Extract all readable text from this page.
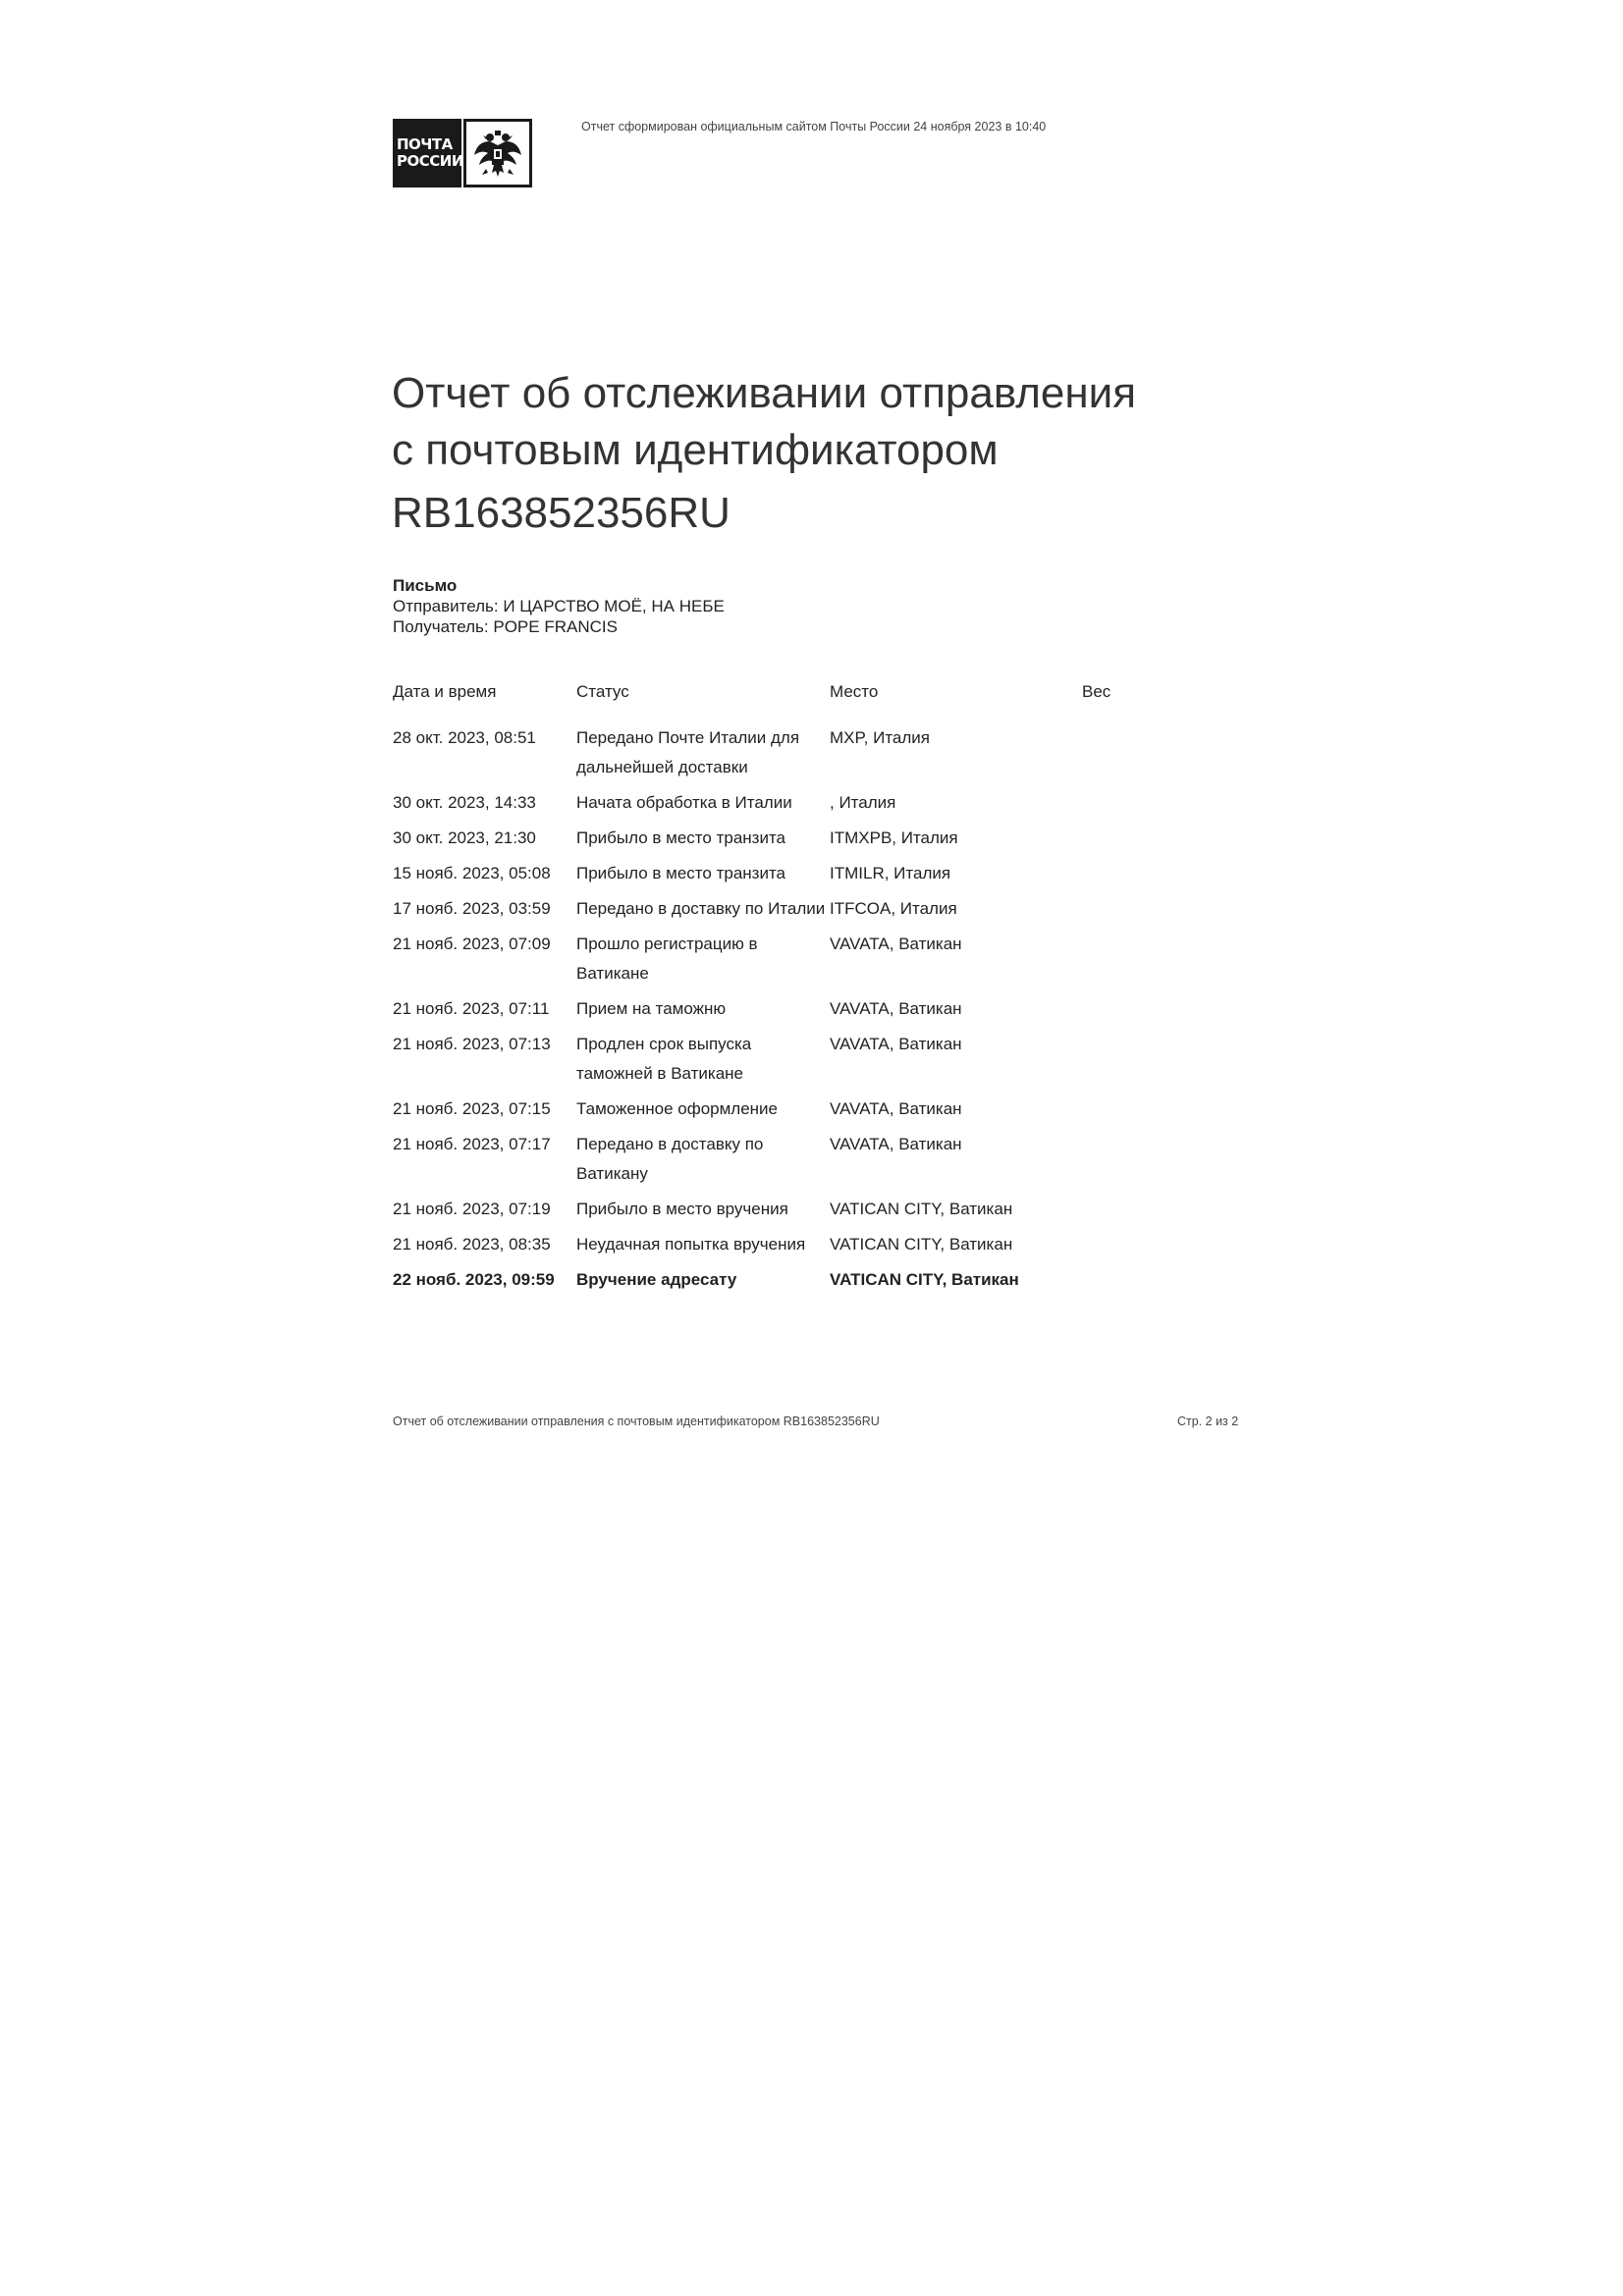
ПОЧТА
РОССИИ
Отчет сформирован официальным сайтом Почты России 24 ноября 2023 в 10:40
Отчет об отслеживании отправления
с почтовым идентификатором
RB163852356RU
Письмо
Отправитель: И ЦАРСТВО МОЁ, НА НЕБЕ
Получатель: POPE FRANCIS
Дата и время	Статус	Место	Вес
28 окт. 2023, 08:51	Передано Почте Италии для дальнейшей доставки	MXP, Италия	
30 окт. 2023, 14:33	Начата обработка в Италии	, Италия	
30 окт. 2023, 21:30	Прибыло в место транзита	ITMXPB, Италия	
15 нояб. 2023, 05:08	Прибыло в место транзита	ITMILR, Италия	
17 нояб. 2023, 03:59	Передано в доставку по Италии	ITFCOA, Италия	
21 нояб. 2023, 07:09	Прошло регистрацию в Ватикане	VAVATA, Ватикан	
21 нояб. 2023, 07:11	Прием на таможню	VAVATA, Ватикан	
21 нояб. 2023, 07:13	Продлен срок выпуска таможней в Ватикане	VAVATA, Ватикан	
21 нояб. 2023, 07:15	Таможенное оформление	VAVATA, Ватикан	
21 нояб. 2023, 07:17	Передано в доставку по Ватикану	VAVATA, Ватикан	
21 нояб. 2023, 07:19	Прибыло в место вручения	VATICAN CITY, Ватикан	
21 нояб. 2023, 08:35	Неудачная попытка вручения	VATICAN CITY, Ватикан	
22 нояб. 2023, 09:59	Вручение адресату	VATICAN CITY, Ватикан	
Отчет об отслеживании отправления с почтовым идентификатором RB163852356RU	Стр. 2 из 2
